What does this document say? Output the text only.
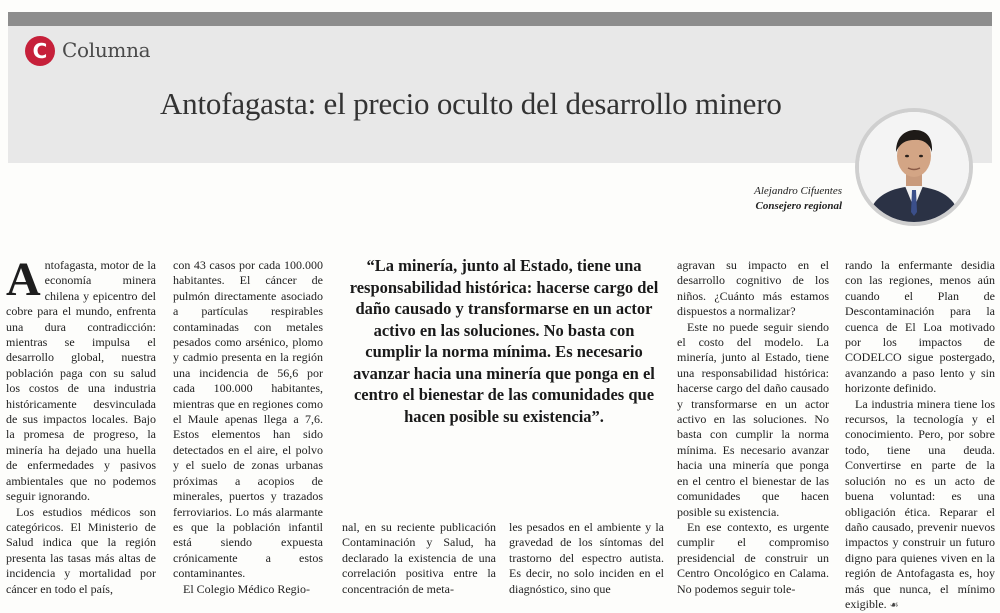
C Columna
Antofagasta: el precio oculto del desarrollo minero
Alejandro Cifuentes
Consejero regional

Antofagasta, motor de la economía minera chilena y epicentro del cobre para el mundo, enfrenta una dura contradicción: mientras se impulsa el desarrollo global, nuestra población paga con su salud los costos de una industria históricamente desvinculada de sus impactos locales. Bajo la promesa de progreso, la minería ha dejado una huella de enfermedades y pasivos ambientales que no podemos seguir ignorando.

Los estudios médicos son categóricos. El Ministerio de Salud indica que la región presenta las tasas más altas de incidencia y mortalidad por cáncer en todo el país,

con 43 casos por cada 100.000 habitantes. El cáncer de pulmón directamente asociado a partículas respirables contaminadas con metales pesados como arsénico, plomo y cadmio presenta en la región una incidencia de 56,6 por cada 100.000 habitantes, mientras que en regiones como el Maule apenas llega a 7,6. Estos elementos han sido detectados en el aire, el polvo y el suelo de zonas urbanas próximas a acopios de minerales, puertos y trazados ferroviarios. Lo más alarmante es que la población infantil está siendo expuesta crónicamente a estos contaminantes.

El Colegio Médico Regio-

“La minería, junto al Estado, tiene una responsabilidad histórica: hacerse cargo del daño causado y transformarse en un actor activo en las soluciones. No basta con cumplir la norma mínima. Es necesario avanzar hacia una minería que ponga en el centro el bienestar de las comunidades que hacen posible su existencia”.

nal, en su reciente publicación Contaminación y Salud, ha declarado la existencia de una correlación positiva entre la concentración de meta-

les pesados en el ambiente y la gravedad de los síntomas del trastorno del espectro autista. Es decir, no solo inciden en el diagnóstico, sino que

agravan su impacto en el desarrollo cognitivo de los niños. ¿Cuánto más estamos dispuestos a normalizar?

Este no puede seguir siendo el costo del modelo. La minería, junto al Estado, tiene una responsabilidad histórica: hacerse cargo del daño causado y transformarse en un actor activo en las soluciones. No basta con cumplir la norma mínima. Es necesario avanzar hacia una minería que ponga en el centro el bienestar de las comunidades que hacen posible su existencia.

En ese contexto, es urgente cumplir el compromiso presidencial de construir un Centro Oncológico en Calama. No podemos seguir tole-

rando la enfermante desidia con las regiones, menos aún cuando el Plan de Descontaminación para la cuenca de El Loa motivado por los impactos de CODELCO sigue postergado, avanzando a paso lento y sin horizonte definido.

La industria minera tiene los recursos, la tecnología y el conocimiento. Pero, por sobre todo, tiene una deuda. Convertirse en parte de la solución no es un acto de buena voluntad: es una obligación ética. Reparar el daño causado, prevenir nuevos impactos y construir un futuro digno para quienes viven en la región de Antofagasta es, hoy más que nunca, el mínimo exigible. ☙
